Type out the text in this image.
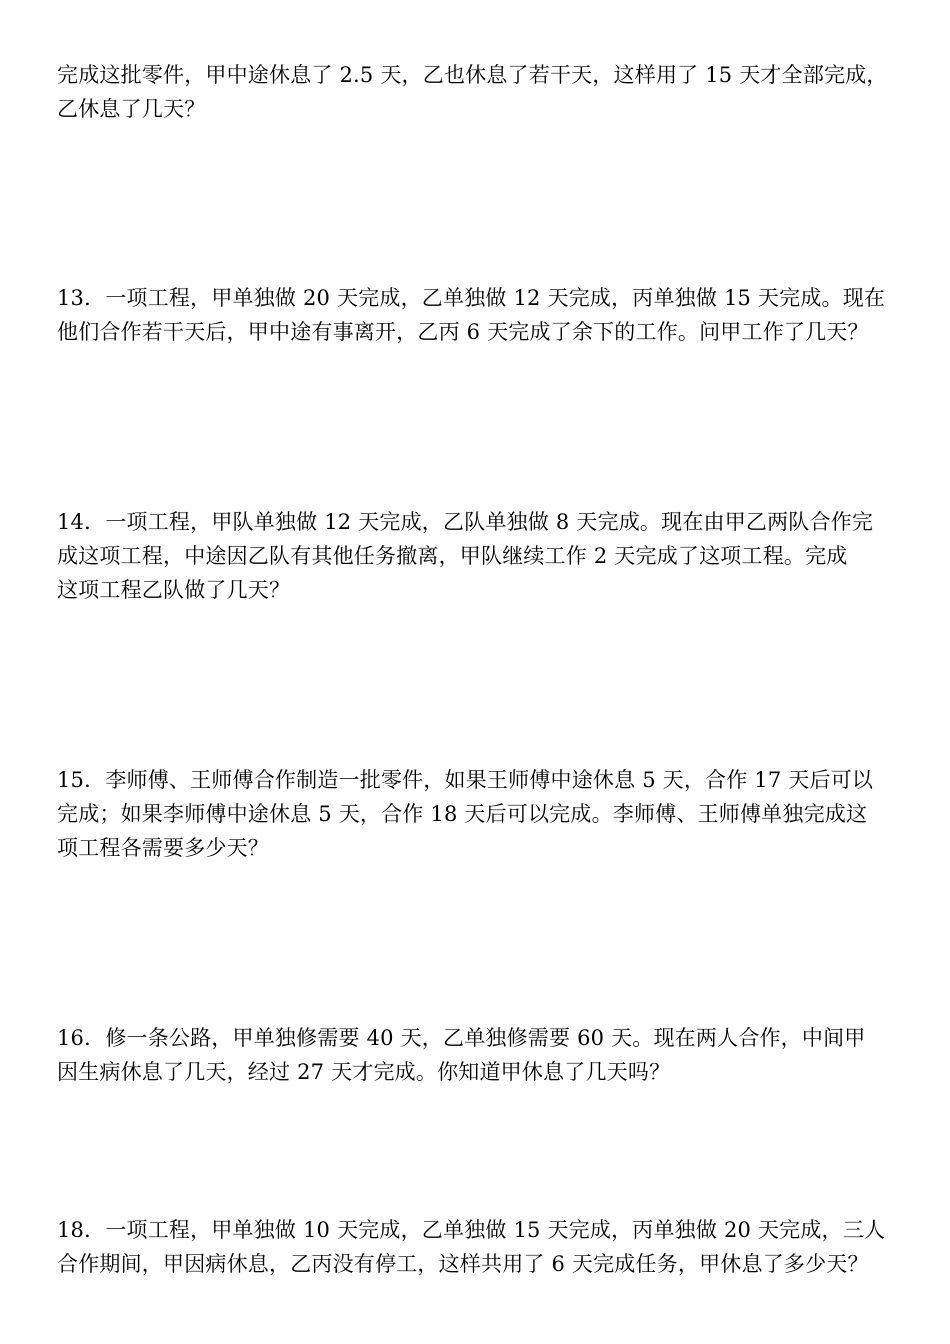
完成这批零件，甲中途休息了 2.5 天，乙也休息了若干天，这样用了 15 天才全部完成，

乙休息了几天？

13．一项工程，甲单独做 20 天完成，乙单独做 12 天完成，丙单独做 15 天完成。现在

他们合作若干天后，甲中途有事离开，乙丙 6 天完成了余下的工作。问甲工作了几天？

14．一项工程，甲队单独做 12 天完成，乙队单独做 8 天完成。现在由甲乙两队合作完

成这项工程，中途因乙队有其他任务撤离，甲队继续工作 2 天完成了这项工程。完成

这项工程乙队做了几天？

15．李师傅、王师傅合作制造一批零件，如果王师傅中途休息 5 天，合作 17 天后可以

完成；如果李师傅中途休息 5 天，合作 18 天后可以完成。李师傅、王师傅单独完成这

项工程各需要多少天？

16．修一条公路，甲单独修需要 40 天，乙单独修需要 60 天。现在两人合作，中间甲

因生病休息了几天，经过 27 天才完成。你知道甲休息了几天吗？

18．一项工程，甲单独做 10 天完成，乙单独做 15 天完成，丙单独做 20 天完成，三人

合作期间，甲因病休息，乙丙没有停工，这样共用了 6 天完成任务，甲休息了多少天？
